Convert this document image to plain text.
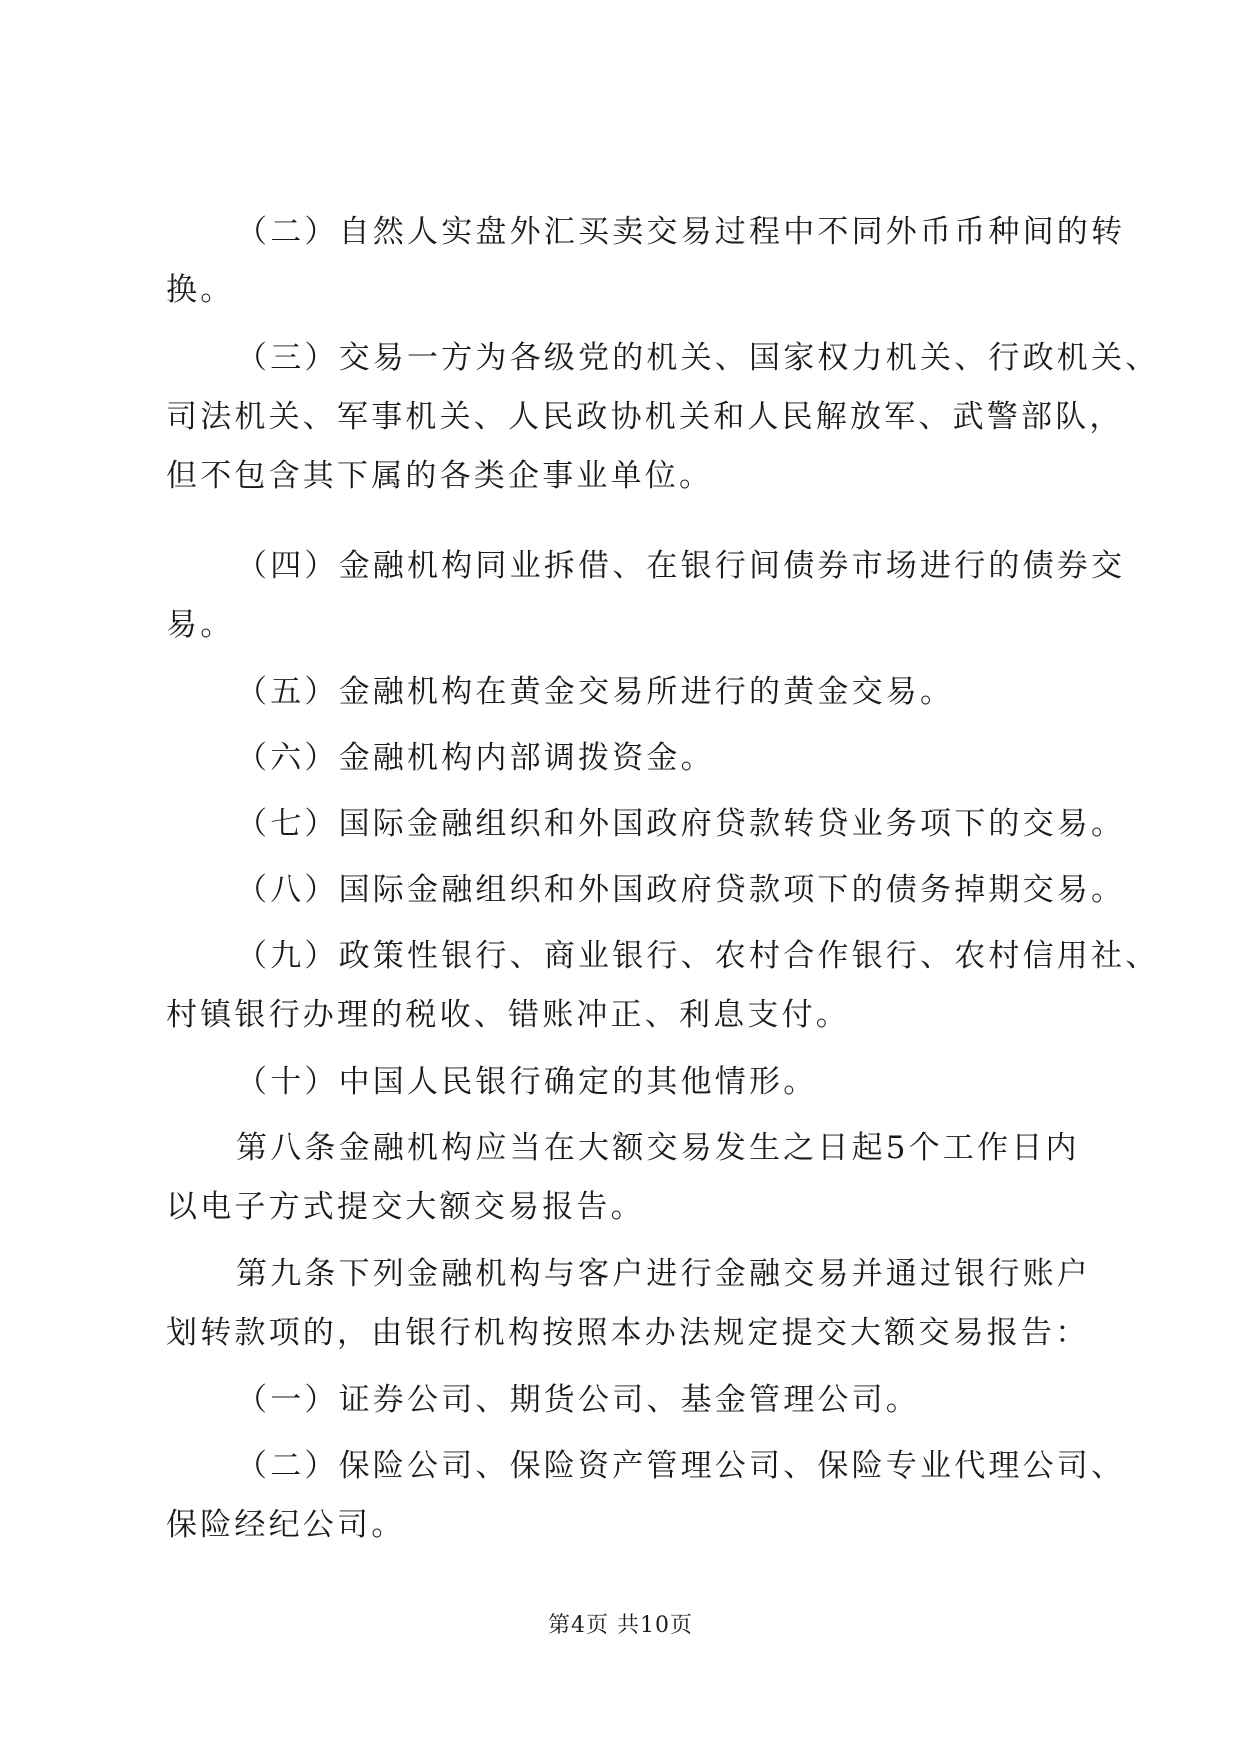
（二）自然人实盘外汇买卖交易过程中不同外币币种间的转
换。
（三）交易一方为各级党的机关、国家权力机关、行政机关、
司法机关、军事机关、人民政协机关和人民解放军、武警部队，
但不包含其下属的各类企事业单位。
（四）金融机构同业拆借、在银行间债券市场进行的债券交
易。
（五）金融机构在黄金交易所进行的黄金交易。
（六）金融机构内部调拨资金。
（七）国际金融组织和外国政府贷款转贷业务项下的交易。
（八）国际金融组织和外国政府贷款项下的债务掉期交易。
（九）政策性银行、商业银行、农村合作银行、农村信用社、
村镇银行办理的税收、错账冲正、利息支付。
（十）中国人民银行确定的其他情形。
第八条金融机构应当在大额交易发生之日起5个工作日内
以电子方式提交大额交易报告。
第九条下列金融机构与客户进行金融交易并通过银行账户
划转款项的，由银行机构按照本办法规定提交大额交易报告：
（一）证券公司、期货公司、基金管理公司。
（二）保险公司、保险资产管理公司、保险专业代理公司、
保险经纪公司。
第4页 共10页
